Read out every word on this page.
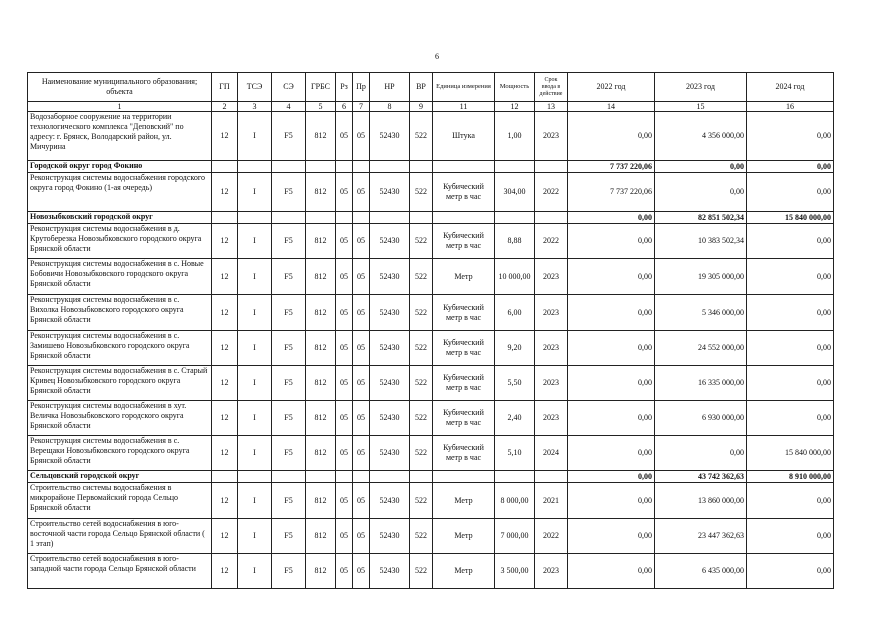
6
Наименование муниципального образования; объекта	ГП	ТСЭ	СЭ	ГРБС	Рз	Пр	НР	ВР	Единица измерения	Мощность	Срок ввода в действие	2022 год	2023 год	2024 год
1	2	3	4	5	6	7	8	9	11	12	13	14	15	16
Водозаборное сооружение на территории технологического комплекса "Деповский" по адресу: г. Брянск, Володарский район, ул. Мичурина	12	I	F5	812	05	05	52430	522	Штука	1,00	2023	0,00	4 356 000,00	0,00
Городской округ город Фокино												7 737 220,06	0,00	0,00
Реконструкция системы водоснабжения городского округа город Фокино (1-ая очередь)	12	I	F5	812	05	05	52430	522	Кубический метр в час	304,00	2022	7 737 220,06	0,00	0,00
Новозыбковский городской округ												0,00	82 851 502,34	15 840 000,00
Реконструкция системы водоснабжения в д. Крутоберезка Новозыбковского городского округа Брянской области	12	I	F5	812	05	05	52430	522	Кубический метр в час	8,88	2022	0,00	10 383 502,34	0,00
Реконструкция системы водоснабжения в с. Новые Бобовичи Новозыбковского городского округа Брянской области	12	I	F5	812	05	05	52430	522	Метр	10 000,00	2023	0,00	19 305 000,00	0,00
Реконструкция системы водоснабжения в с. Вихолка Новозыбковского городского округа Брянской области	12	I	F5	812	05	05	52430	522	Кубический метр в час	6,00	2023	0,00	5 346 000,00	0,00
Реконструкция системы водоснабжения в с. Замишево Новозыбковского городского округа Брянской области	12	I	F5	812	05	05	52430	522	Кубический метр в час	9,20	2023	0,00	24 552 000,00	0,00
Реконструкция системы водоснабжения в с. Старый Кривец Новозыбковского городского округа Брянской области	12	I	F5	812	05	05	52430	522	Кубический метр в час	5,50	2023	0,00	16 335 000,00	0,00
Реконструкция системы водоснабжения в хут. Величка Новозыбковского городского округа Брянской области	12	I	F5	812	05	05	52430	522	Кубический метр в час	2,40	2023	0,00	6 930 000,00	0,00
Реконструкция системы водоснабжения в с. Верещаки Новозыбковского городского округа Брянской области	12	I	F5	812	05	05	52430	522	Кубический метр в час	5,10	2024	0,00	0,00	15 840 000,00
Сельцовский городской округ												0,00	43 742 362,63	8 910 000,00
Строительство системы водоснабжения в микрорайоне Первомайский города Сельцо Брянской области	12	I	F5	812	05	05	52430	522	Метр	8 000,00	2021	0,00	13 860 000,00	0,00
Строительство сетей водоснабжения в юго-восточной части города Сельцо Брянской области ( 1 этап)	12	I	F5	812	05	05	52430	522	Метр	7 000,00	2022	0,00	23 447 362,63	0,00
Строительство сетей водоснабжения в юго-западной части города Сельцо Брянской области	12	I	F5	812	05	05	52430	522	Метр	3 500,00	2023	0,00	6 435 000,00	0,00
